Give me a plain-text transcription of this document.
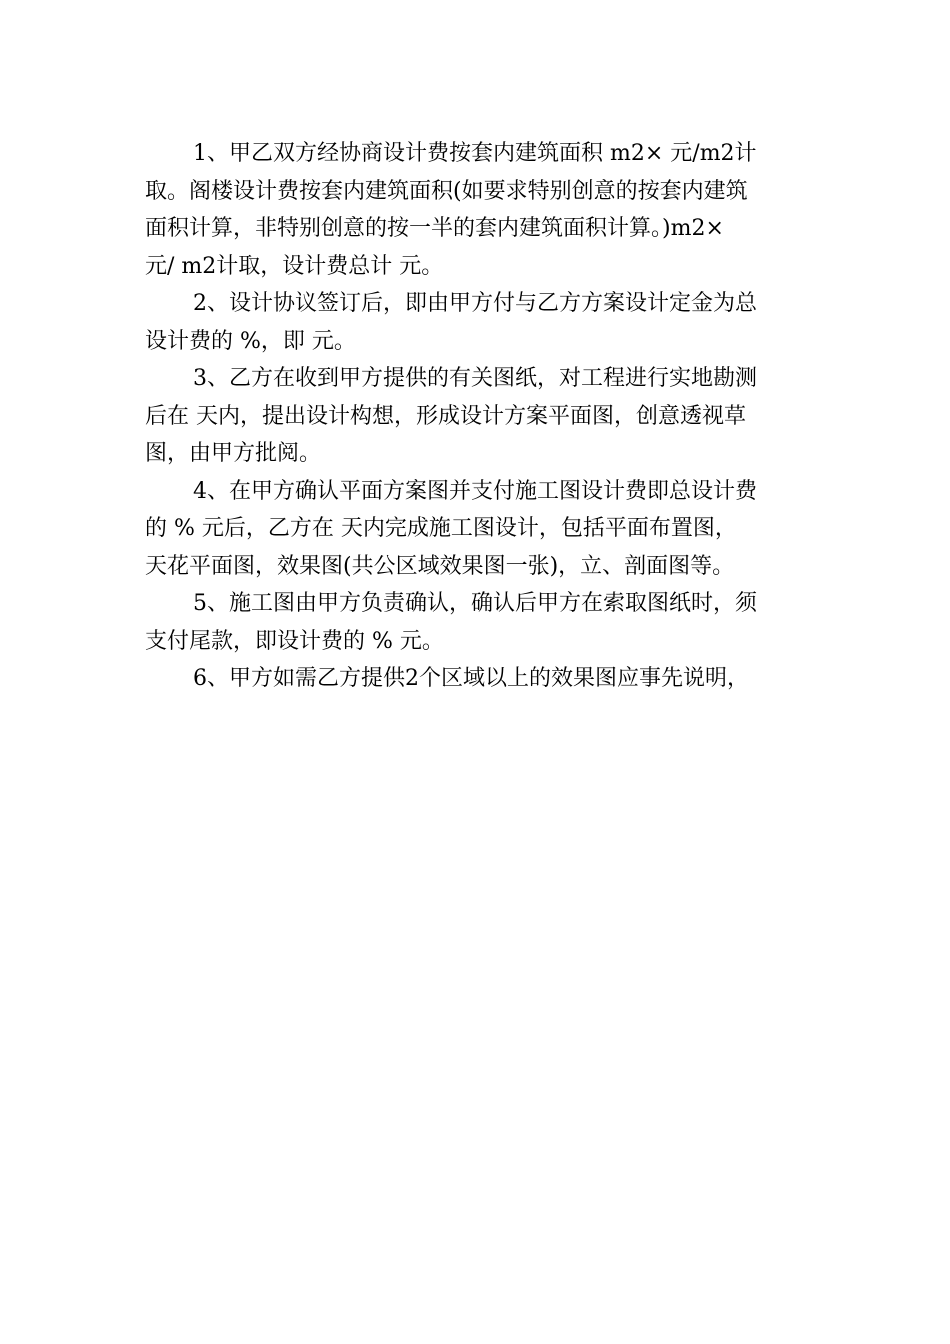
1、甲乙双方经协商设计费按套内建筑面积 m2× 元/m2计
取。阁楼设计费按套内建筑面积(如要求特别创意的按套内建筑
面积计算，非特别创意的按一半的套内建筑面积计算。)m2×
元/ m2计取，设计费总计 元。
2、设计协议签订后，即由甲方付与乙方方案设计定金为总
设计费的 %，即 元。
3、乙方在收到甲方提供的有关图纸，对工程进行实地勘测
后在 天内，提出设计构想，形成设计方案平面图，创意透视草
图，由甲方批阅。
4、在甲方确认平面方案图并支付施工图设计费即总设计费
的 % 元后，乙方在 天内完成施工图设计，包括平面布置图，
天花平面图，效果图(共公区域效果图一张)，立、剖面图等。
5、施工图由甲方负责确认，确认后甲方在索取图纸时，须
支付尾款，即设计费的 % 元。
6、甲方如需乙方提供2个区域以上的效果图应事先说明，
